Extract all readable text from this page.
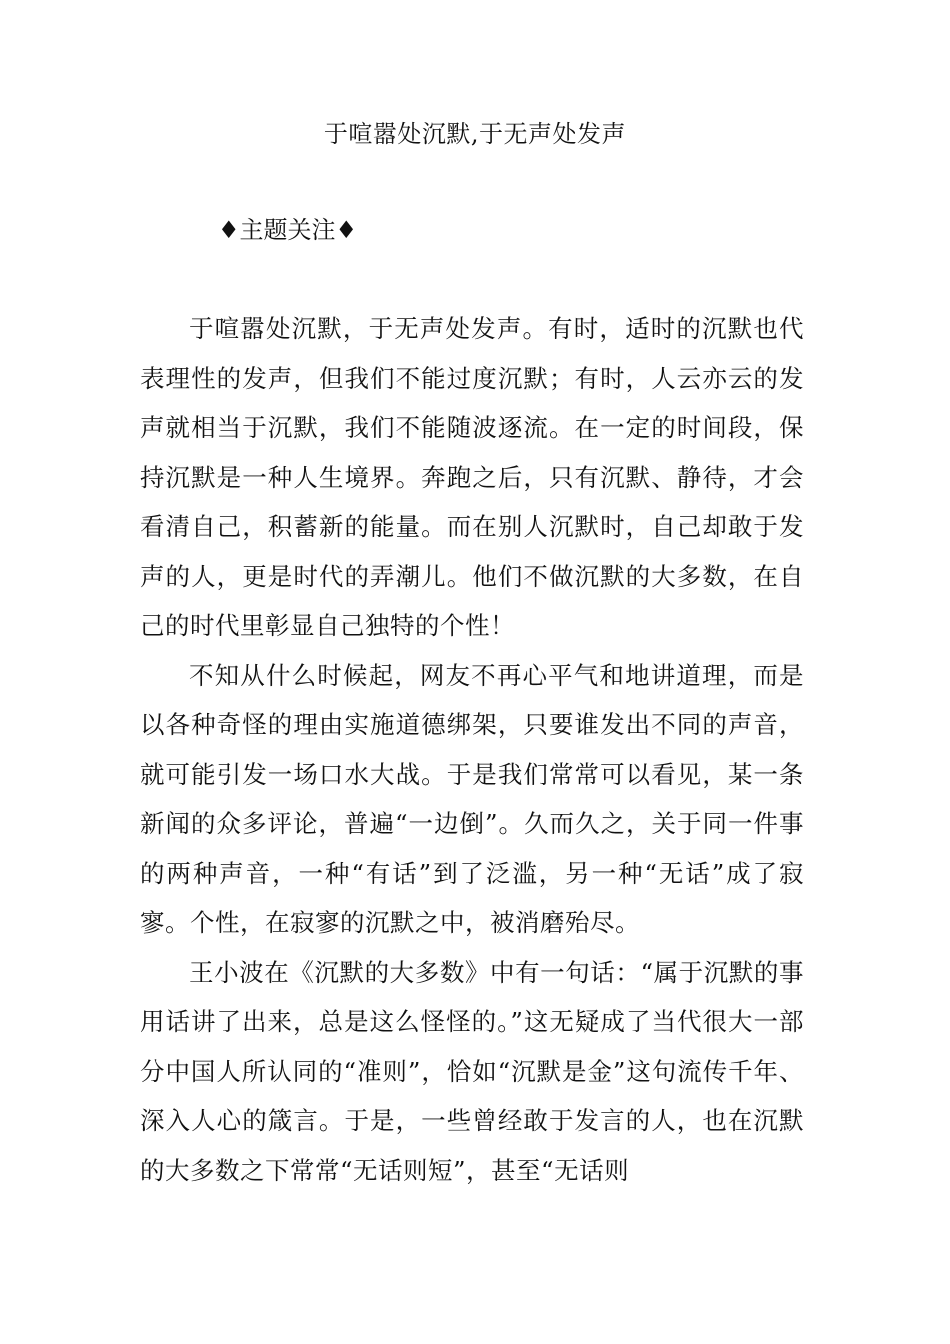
于喧嚣处沉默,于无声处发声
♦主题关注♦

于喧嚣处沉默，于无声处发声。有时，适时的沉默也代表理性的发声，但我们不能过度沉默；有时，人云亦云的发声就相当于沉默，我们不能随波逐流。在一定的时间段，保持沉默是一种人生境界。奔跑之后，只有沉默、静待，才会看清自己，积蓄新的能量。而在别人沉默时，自己却敢于发声的人，更是时代的弄潮儿。他们不做沉默的大多数，在自己的时代里彰显自己独特的个性！

不知从什么时候起，网友不再心平气和地讲道理，而是以各种奇怪的理由实施道德绑架，只要谁发出不同的声音，就可能引发一场口水大战。于是我们常常可以看见，某一条新闻的众多评论，普遍“一边倒”。久而久之，关于同一件事的两种声音，一种“有话”到了泛滥，另一种“无话”成了寂寥。个性，在寂寥的沉默之中，被消磨殆尽。

王小波在《沉默的大多数》中有一句话：“属于沉默的事用话讲了出来，总是这么怪怪的。”这无疑成了当代很大一部分中国人所认同的“准则”，恰如“沉默是金”这句流传千年、深入人心的箴言。于是，一些曾经敢于发言的人，也在沉默的大多数之下常常“无话则短”，甚至“无话则
